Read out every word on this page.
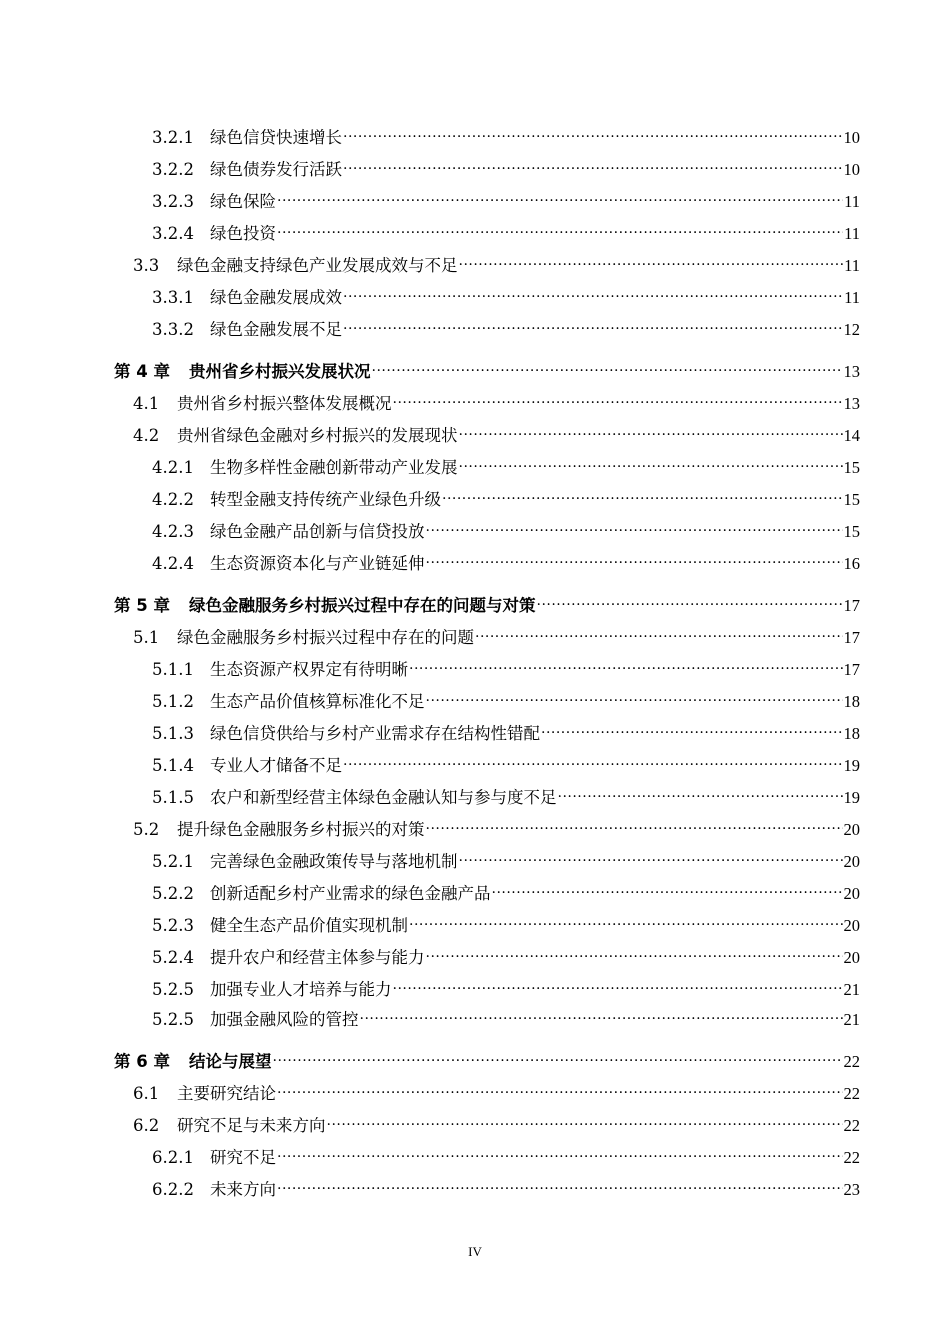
3.2.1 绿色信贷快速增长 .....	10
3.2.2 绿色债券发行活跃 .....	10
3.2.3 绿色保险 .....	11
3.2.4 绿色投资 .....	11
3.3	绿色金融支持绿色产业发展成效与不足 .....	11
3.3.1 绿色金融发展成效 .....	11
3.3.2 绿色金融发展不足 .....	12
第 4 章	贵州省乡村振兴发展状况 .....	13
4.1	贵州省乡村振兴整体发展概况 .....	13
4.2	贵州省绿色金融对乡村振兴的发展现状 .....	14
4.2.1 生物多样性金融创新带动产业发展 .....	15
4.2.2 转型金融支持传统产业绿色升级 .....	15
4.2.3 绿色金融产品创新与信贷投放 .....	15
4.2.4 生态资源资本化与产业链延伸 .....	16
第 5 章	绿色金融服务乡村振兴过程中存在的问题与对策 .....	17
5.1	绿色金融服务乡村振兴过程中存在的问题 .....	17
5.1.1 生态资源产权界定有待明晰 .....	17
5.1.2 生态产品价值核算标准化不足 .....	18
5.1.3 绿色信贷供给与乡村产业需求存在结构性错配 .....	18
5.1.4 专业人才储备不足 .....	19
5.1.5 农户和新型经营主体绿色金融认知与参与度不足 .....	19
5.2	提升绿色金融服务乡村振兴的对策 .....	20
5.2.1 完善绿色金融政策传导与落地机制 .....	20
5.2.2 创新适配乡村产业需求的绿色金融产品 .....	20
5.2.3 健全生态产品价值实现机制 .....	20
5.2.4 提升农户和经营主体参与能力 .....	20
5.2.5 加强专业人才培养与能力 .....	21
5.2.5 加强金融风险的管控 .....	21
第 6 章	结论与展望 .....	22
6.1	主要研究结论 .....	22
6.2	研究不足与未来方向 .....	22
6.2.1 研究不足 .....	22
6.2.2 未来方向 .....	23
IV
